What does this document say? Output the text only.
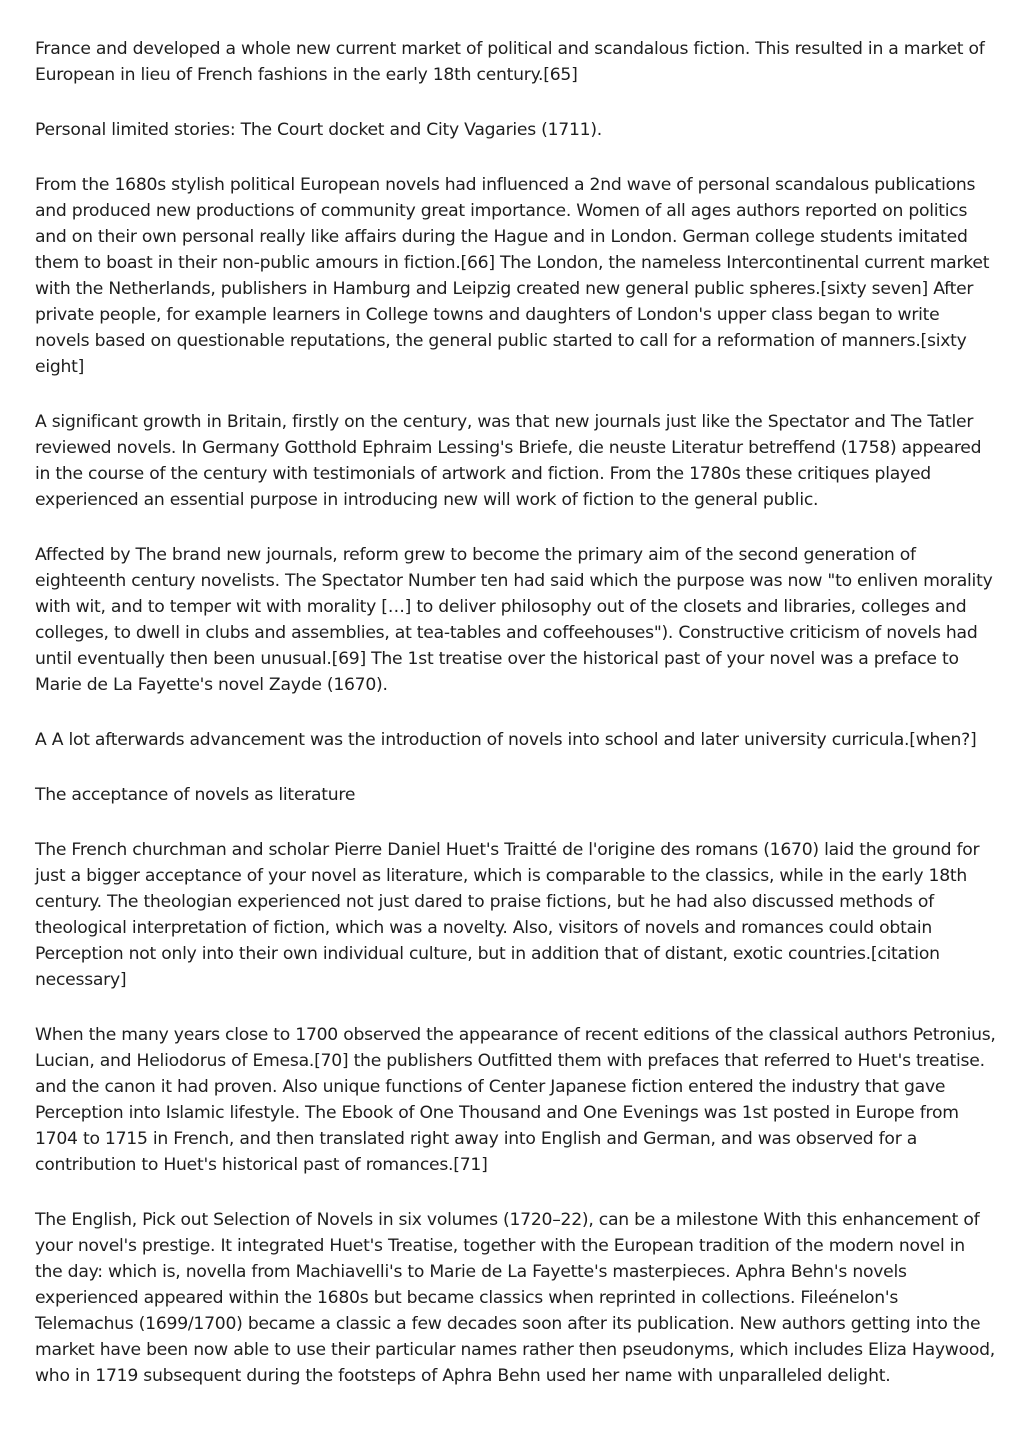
France and developed a whole new current market of political and scandalous fiction. This resulted in a market of European in lieu of French fashions in the early 18th century.[65]

Personal limited stories: The Court docket and City Vagaries (1711).

From the 1680s stylish political European novels had influenced a 2nd wave of personal scandalous publications and produced new productions of community great importance. Women of all ages authors reported on politics and on their own personal really like affairs during the Hague and in London. German college students imitated them to boast in their non-public amours in fiction.[66] The London, the nameless Intercontinental current market with the Netherlands, publishers in Hamburg and Leipzig created new general public spheres.[sixty seven] After private people, for example learners in College towns and daughters of London's upper class began to write novels based on questionable reputations, the general public started to call for a reformation of manners.[sixty eight]

A significant growth in Britain, firstly on the century, was that new journals just like the Spectator and The Tatler reviewed novels. In Germany Gotthold Ephraim Lessing's Briefe, die neuste Literatur betreffend (1758) appeared in the course of the century with testimonials of artwork and fiction. From the 1780s these critiques played experienced an essential purpose in introducing new will work of fiction to the general public.

Affected by The brand new journals, reform grew to become the primary aim of the second generation of eighteenth century novelists. The Spectator Number ten had said which the purpose was now "to enliven morality with wit, and to temper wit with morality […] to deliver philosophy out of the closets and libraries, colleges and colleges, to dwell in clubs and assemblies, at tea-tables and coffeehouses"). Constructive criticism of novels had until eventually then been unusual.[69] The 1st treatise over the historical past of your novel was a preface to Marie de La Fayette's novel Zayde (1670).

A A lot afterwards advancement was the introduction of novels into school and later university curricula.[when?]

The acceptance of novels as literature

The French churchman and scholar Pierre Daniel Huet's Traitté de l'origine des romans (1670) laid the ground for just a bigger acceptance of your novel as literature, which is comparable to the classics, while in the early 18th century. The theologian experienced not just dared to praise fictions, but he had also discussed methods of theological interpretation of fiction, which was a novelty. Also, visitors of novels and romances could obtain Perception not only into their own individual culture, but in addition that of distant, exotic countries.[citation necessary]

When the many years close to 1700 observed the appearance of recent editions of the classical authors Petronius, Lucian, and Heliodorus of Emesa.[70] the publishers Outfitted them with prefaces that referred to Huet's treatise. and the canon it had proven. Also unique functions of Center Japanese fiction entered the industry that gave Perception into Islamic lifestyle. The Ebook of One Thousand and One Evenings was 1st posted in Europe from 1704 to 1715 in French, and then translated right away into English and German, and was observed for a contribution to Huet's historical past of romances.[71]

The English, Pick out Selection of Novels in six volumes (1720–22), can be a milestone With this enhancement of your novel's prestige. It integrated Huet's Treatise, together with the European tradition of the modern novel in the day: which is, novella from Machiavelli's to Marie de La Fayette's masterpieces. Aphra Behn's novels experienced appeared within the 1680s but became classics when reprinted in collections. Fileénelon's Telemachus (1699/1700) became a classic a few decades soon after its publication. New authors getting into the market have been now able to use their particular names rather then pseudonyms, which includes Eliza Haywood, who in 1719 subsequent during the footsteps of Aphra Behn used her name with unparalleled delight.
